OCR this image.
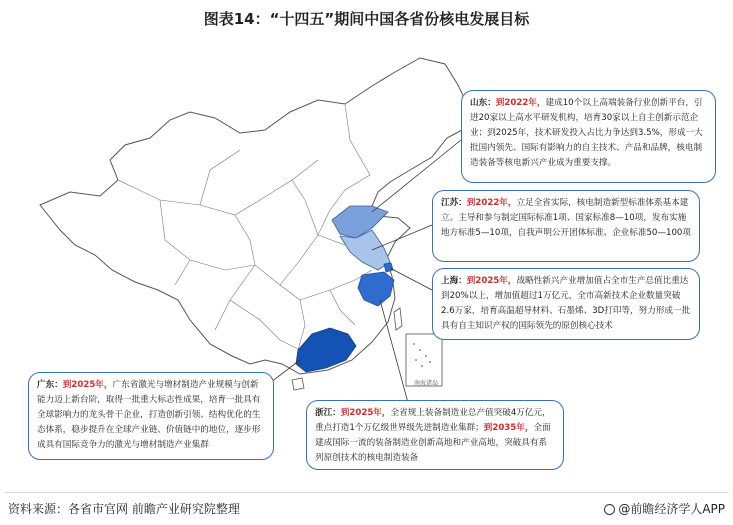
图表14：“十四五”期间中国各省份核电发展目标
南海诸岛
山东：到2022年，建成10个以上高端装备行业创新平台，引进20家以上高水平研发机构，培育30家以上自主创新示范企业；到2025年，技术研发投入占比力争达到3.5%，形成一大批国内领先、国际有影响力的自主技术、产品和品牌，核电制造装备等核电新兴产业成为重要支撑。
江苏：到2022年，立足全省实际，核电制造新型标准体系基本建立。主导和参与制定国际标准1项、国家标准8—10项，发布实施地方标准5—10项，自我声明公开团体标准、企业标准50—100项
上海：到2025年，战略性新兴产业增加值占全市生产总值比重达到20%以上，增加值超过1万亿元，全市高新技术企业数量突破2.6万家，培育高温超导材料、石墨烯、3D打印等，努力形成一批具有自主知识产权的国际领先的原创核心技术
广东：到2025年，广东省激光与增材制造产业规模与创新能力迈上新台阶，取得一批重大标志性成果，培育一批具有全球影响力的龙头骨干企业，打造创新引领、结构优化的生态体系，稳步提升在全球产业链、价值链中的地位，逐步形成具有国际竞争力的激光与增材制造产业集群
浙江：到2025年，全省规上装备制造业总产值突破4万亿元，重点打造1个万亿级世界级先进制造业集群；到2035年，全面建成国际一流的装备制造业创新高地和产业高地，突破具有系列原创技术的核电制造装备
资料来源：各省市官网 前瞻产业研究院整理	@前瞻经济学人APP
